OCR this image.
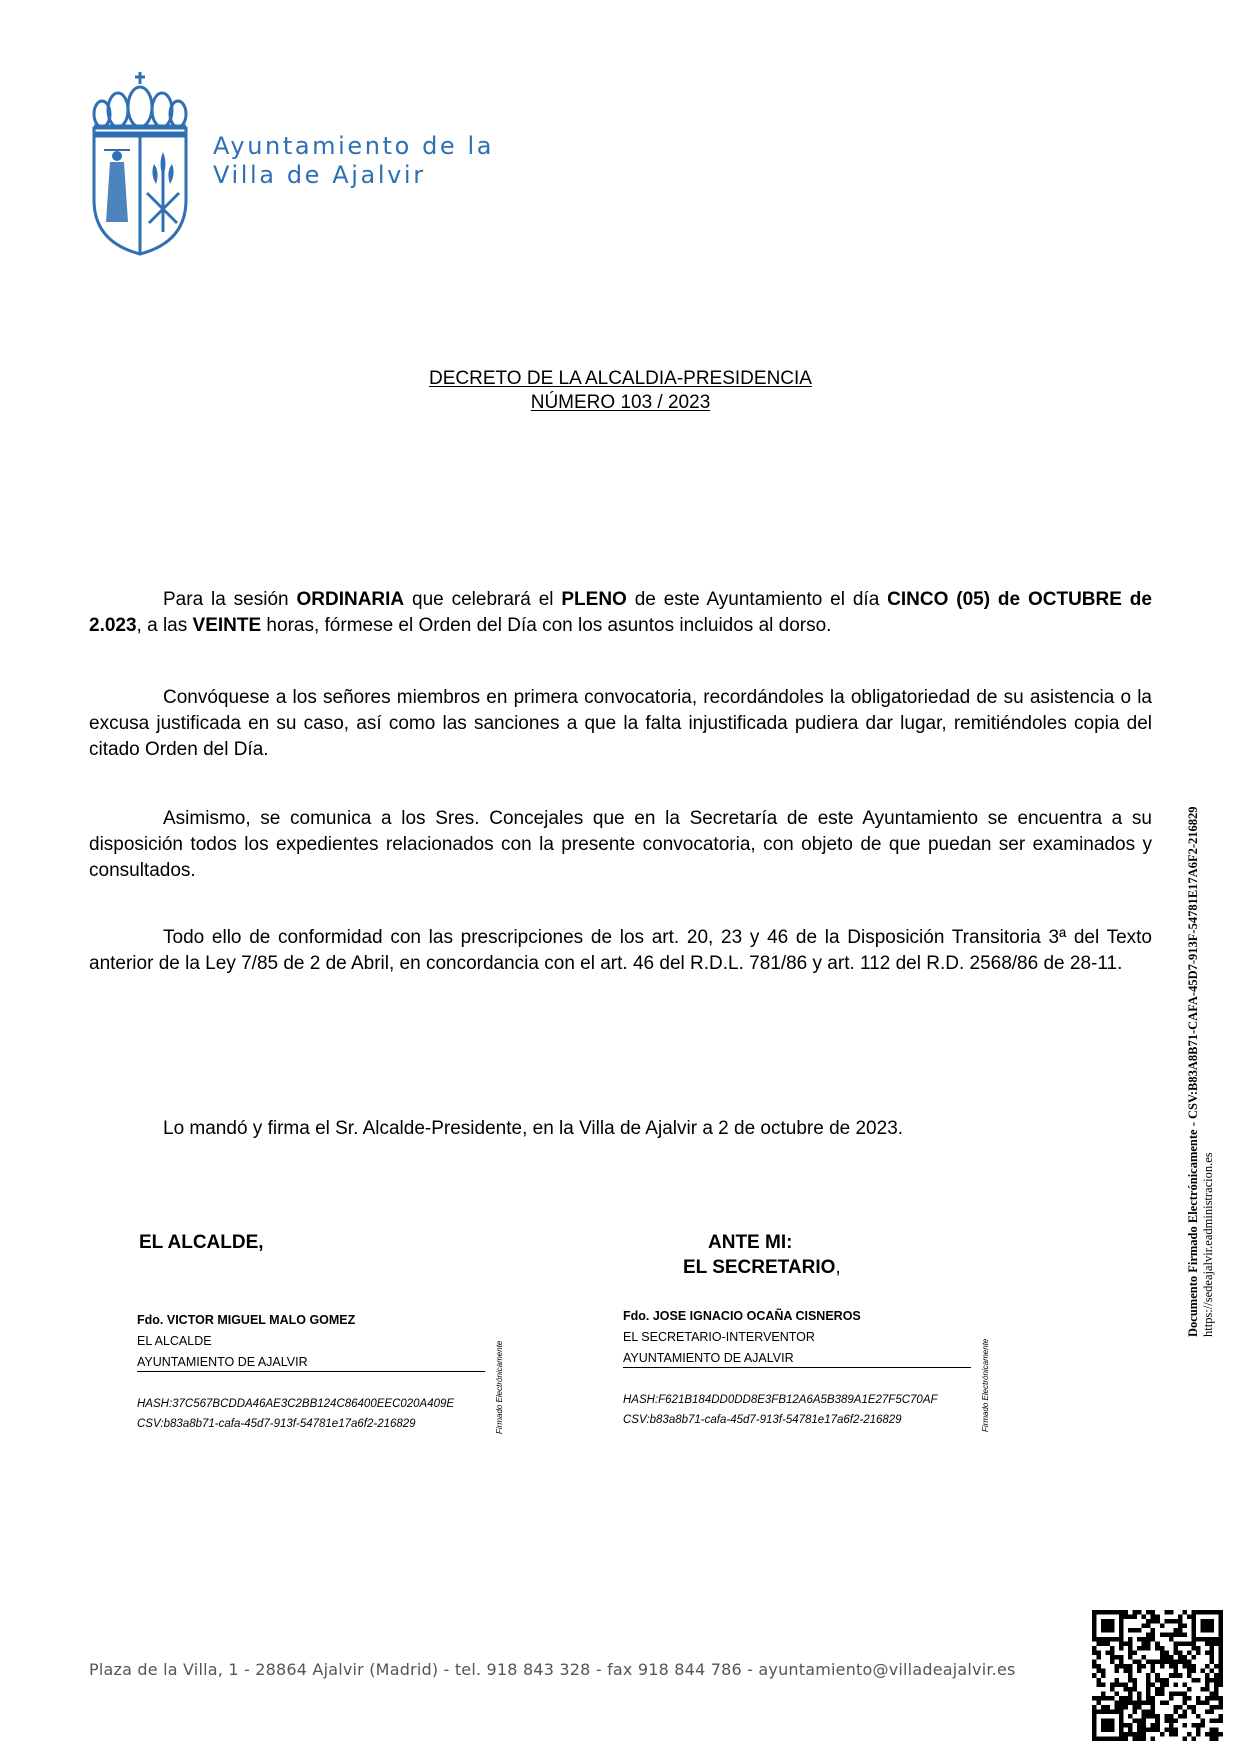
Ayuntamiento de la
Villa de Ajalvir
DECRETO DE LA ALCALDIA-PRESIDENCIA
NÚMERO 103 / 2023
Para la sesión ORDINARIA que celebrará el PLENO de este Ayuntamiento el día CINCO (05) de OCTUBRE de 2.023, a las VEINTE horas, fórmese el Orden del Día con los asuntos incluidos al dorso.
Convóquese a los señores miembros en primera convocatoria, recordándoles la obligatoriedad de su asistencia o la excusa justificada en su caso, así como las sanciones a que la falta injustificada pudiera dar lugar, remitiéndoles copia del citado Orden del Día.
Asimismo, se comunica a los Sres. Concejales que en la Secretaría de este Ayuntamiento se encuentra a su disposición todos los expedientes relacionados con la presente convocatoria, con objeto de que puedan ser examinados y consultados.
Todo ello de conformidad con las prescripciones de los art. 20, 23 y 46 de la Disposición Transitoria 3ª del Texto anterior de la Ley 7/85 de 2 de Abril, en concordancia con el art. 46 del R.D.L. 781/86 y art. 112 del R.D. 2568/86 de 28-11.
Lo mandó y firma el Sr. Alcalde-Presidente, en la Villa de Ajalvir a 2 de octubre de 2023.
EL ALCALDE,	ANTE MI:
EL SECRETARIO,
Fdo. VICTOR MIGUEL MALO GOMEZ
EL ALCALDE
AYUNTAMIENTO DE AJALVIR
HASH:37C567BCDDA46AE3C2BB124C86400EEC020A409E
CSV:b83a8b71-cafa-45d7-913f-54781e17a6f2-216829	Firmado Electrónicamente
Fdo. JOSE IGNACIO OCAÑA CISNEROS
EL SECRETARIO-INTERVENTOR
AYUNTAMIENTO DE AJALVIR
HASH:F621B184DD0DD8E3FB12A6A5B389A1E27F5C70AF
CSV:b83a8b71-cafa-45d7-913f-54781e17a6f2-216829	Firmado Electrónicamente
Documento Firmado Electrónicamente - CSV:B83A8B71-CAFA-45D7-913F-54781E17A6F2-216829 https://sedeajalvir.eadministracion.es
Plaza de la Villa, 1 - 28864 Ajalvir (Madrid) - tel. 918 843 328 - fax 918 844 786 - ayuntamiento@villadeajalvir.es
